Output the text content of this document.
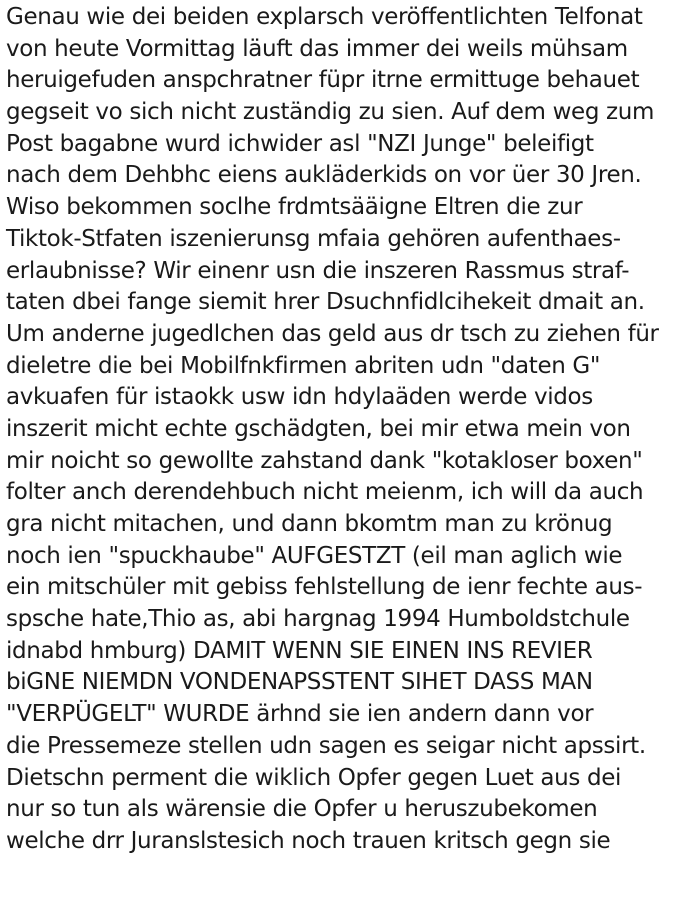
Genau wie dei beiden explarsch veröffentlichten Telfonat
von heute Vormittag läuft das immer dei weils mühsam
heruigefuden anspchratner füpr itrne ermittuge behauet
gegseit vo sich nicht zuständig zu sien. Auf dem weg zum
Post bagabne wurd ichwider asl "NZI Junge" beleifigt
nach dem Dehbhc eiens aukläderkids on vor üer 30 Jren.
Wiso bekommen soclhe frdmtsääigne Eltren die zur
Tiktok-Stfaten iszenierunsg mfaia gehören aufenthaes-
erlaubnisse? Wir einenr usn die inszeren Rassmus straf-
taten dbei fange siemit hrer Dsuchnfidlcihekeit dmait an.
Um anderne jugedlchen das geld aus dr tsch zu ziehen für
dieletre die bei Mobilfnkfirmen abriten udn "daten G"
avkuafen für istaokk usw idn hdylaäden werde vidos
inszerit micht echte gschädgten, bei mir etwa mein von
mir noicht so gewollte zahstand dank "kotakloser boxen"
folter anch derendehbuch nicht meienm, ich will da auch
gra nicht mitachen, und dann bkomtm man zu krönug
noch ien "spuckhaube" AUFGESTZT (eil man aglich wie
ein mitschüler mit gebiss fehlstellung de ienr fechte aus-
spsche hate,Thio as, abi hargnag 1994 Humboldstchule
idnabd hmburg) DAMIT WENN SIE EINEN INS REVIER
biGNE NIEMDN VONDENAPSSTENT SIHET DASS MAN
"VERPÜGELT" WURDE ärhnd sie ien andern dann vor
die Pressemeze stellen udn sagen es seigar nicht apssirt.
Dietschn perment die wiklich Opfer gegen Luet aus dei
nur so tun als wärensie die Opfer u heruszubekomen
welche drr Juranslstesich noch trauen kritsch gegn sie
